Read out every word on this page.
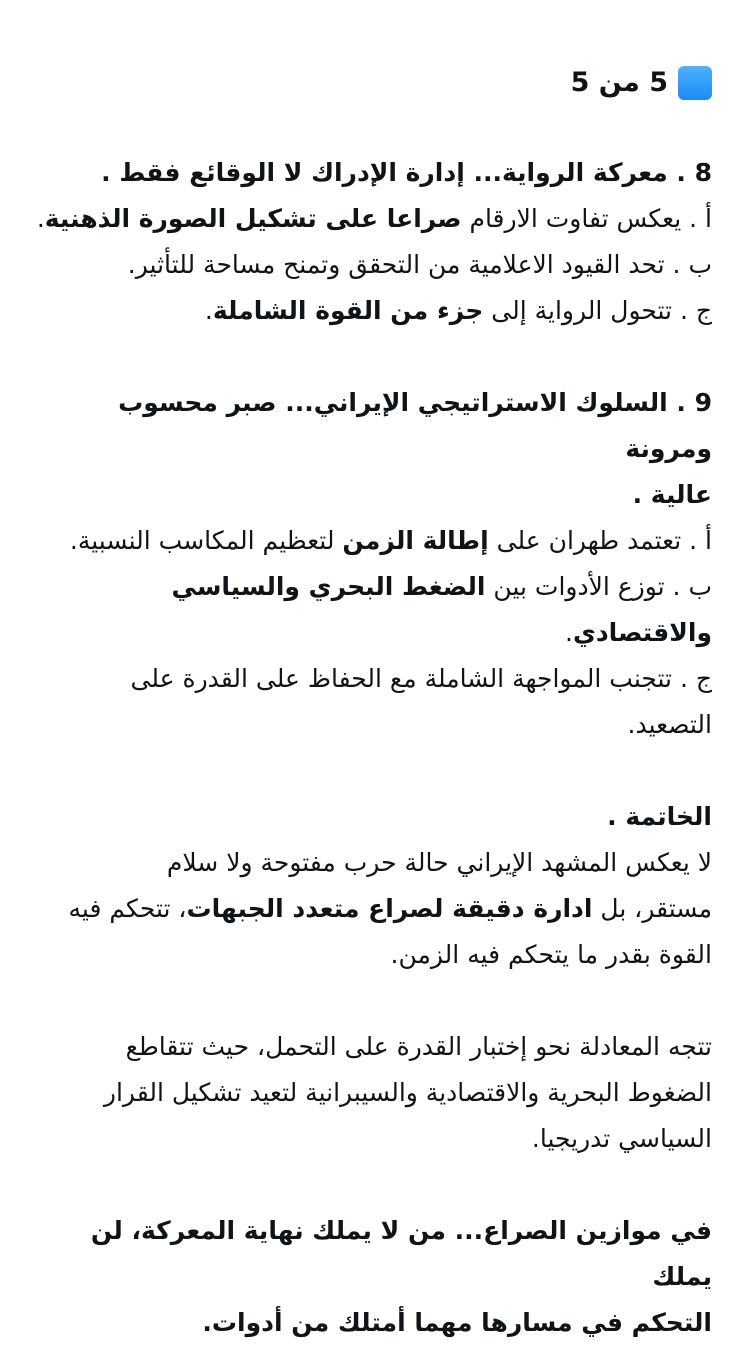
5 من 5
8 . معركة الرواية... إدارة الإدراك لا الوقائع فقط .
أ . يعكس تفاوت الارقام صراعا على تشكيل الصورة الذهنية.
ب . تحد القيود الاعلامية من التحقق وتمنح مساحة للتأثير.
ج . تتحول الرواية إلى جزء من القوة الشاملة.
9 . السلوك الاستراتيجي الإيراني... صبر محسوب ومرونة
عالية .
أ . تعتمد طهران على إطالة الزمن لتعظيم المكاسب النسبية.
ب . توزع الأدوات بين الضغط البحري والسياسي
والاقتصادي.
ج . تتجنب المواجهة الشاملة مع الحفاظ على القدرة على
التصعيد.
الخاتمة .
لا يعكس المشهد الإيراني حالة حرب مفتوحة ولا سلام
مستقر، بل ادارة دقيقة لصراع متعدد الجبهات، تتحكم فيه
القوة بقدر ما يتحكم فيه الزمن.
تتجه المعادلة نحو إختبار القدرة على التحمل، حيث تتقاطع
الضغوط البحرية والاقتصادية والسيبرانية لتعيد تشكيل القرار
السياسي تدريجيا.
في موازين الصراع... من لا يملك نهاية المعركة، لن يملك
التحكم في مسارها مهما أمتلك من أدوات.
